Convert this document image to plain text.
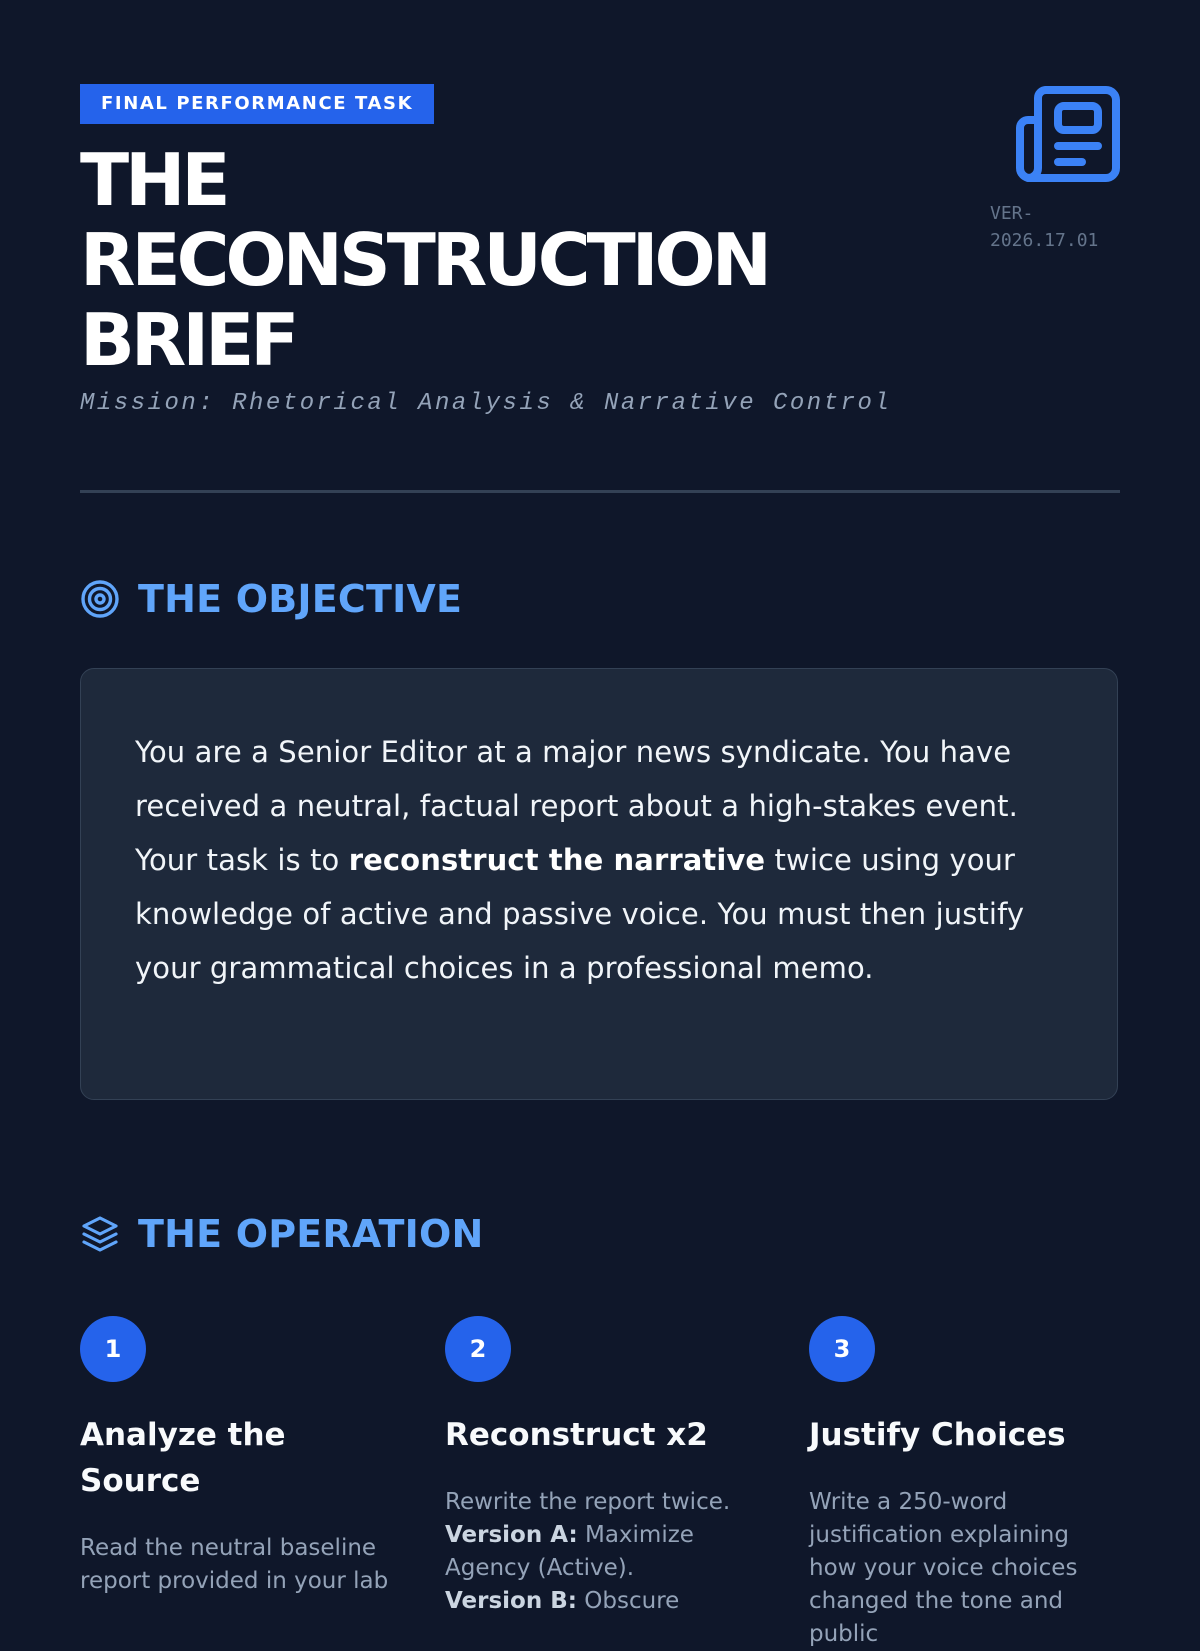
FINAL PERFORMANCE TASK
THE
RECONSTRUCTION
BRIEF
Mission: Rhetorical Analysis & Narrative Control
VER-
2026.17.01
THE OBJECTIVE

You are a Senior Editor at a major news syndicate. You have received a neutral, factual report about a high-stakes event. Your task is to reconstruct the narrative twice using your knowledge of active and passive voice. You must then justify your grammatical choices in a professional memo.

THE OPERATION
1
Analyze the Source

Read the neutral baseline report provided in your lab

2
Reconstruct x2

Rewrite the report twice.
Version A: Maximize Agency (Active).
Version B: Obscure

3
Justify Choices

Write a 250-word justification explaining how your voice choices changed the tone and public
